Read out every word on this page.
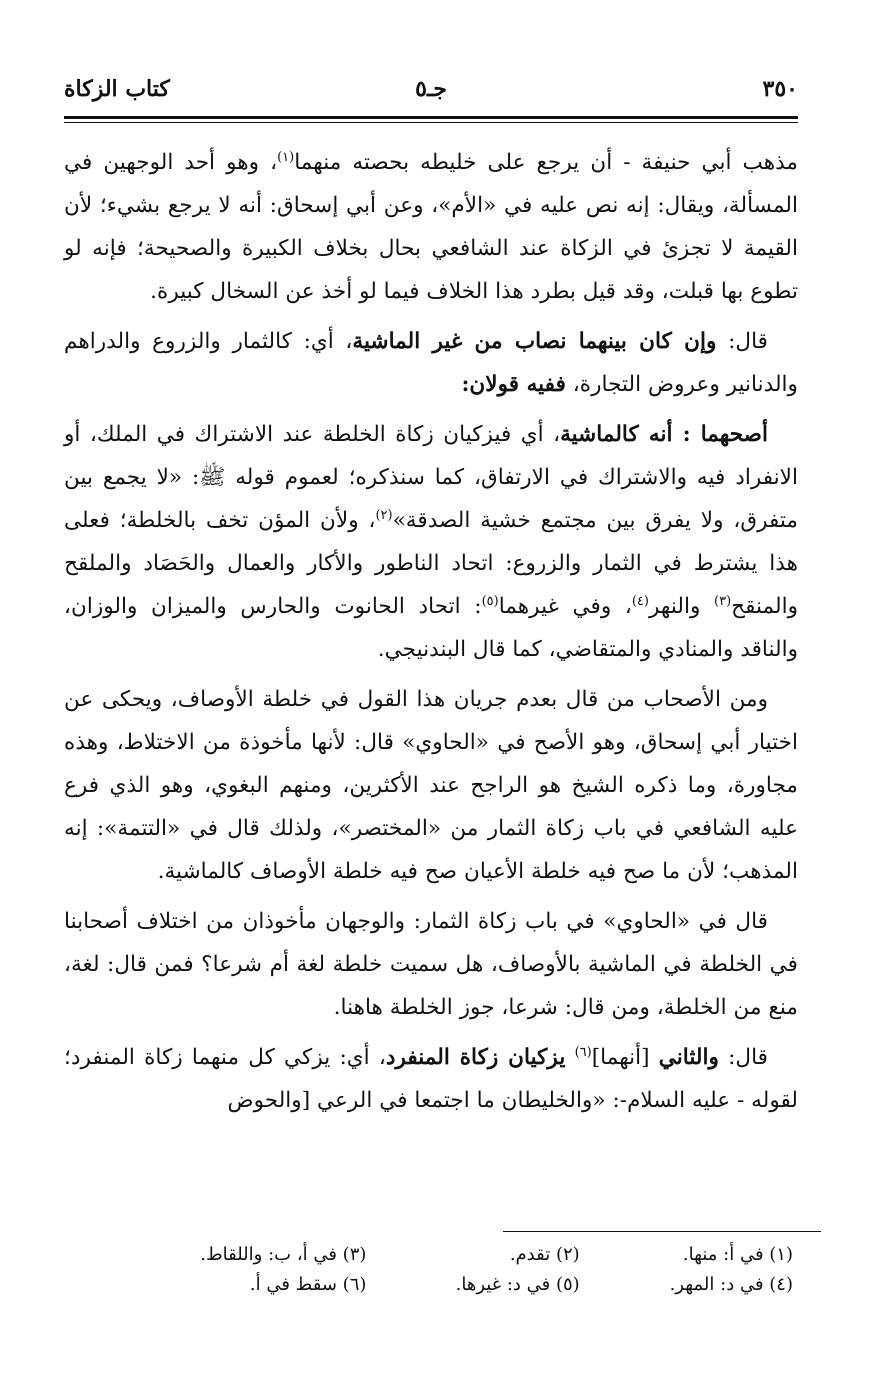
٣٥٠
جـ٥
كتاب الزكاة

مذهب أبي حنيفة - أن يرجع على خليطه بحصته منهما$^{(١)}$، وهو أحد الوجهين في المسألة، ويقال: إنه نص عليه في «الأم»، وعن أبي إسحاق: أنه لا يرجع بشيء؛ لأن القيمة لا تجزئ في الزكاة عند الشافعي بحال بخلاف الكبيرة والصحيحة؛ فإنه لو تطوع بها قبلت، وقد قيل بطرد هذا الخلاف فيما لو أخذ عن السخال كبيرة.

قال: وإن كان بينهما نصاب من غير الماشية، أي: كالثمار والزروع والدراهم والدنانير وعروض التجارة، ففيه قولان:

أصحهما : أنه كالماشية، أي فيزكيان زكاة الخلطة عند الاشتراك في الملك، أو الانفراد فيه والاشتراك في الارتفاق، كما سنذكره؛ لعموم قوله ﷺ: «لا يجمع بين متفرق، ولا يفرق بين مجتمع خشية الصدقة»$^{(٢)}$، ولأن المؤن تخف بالخلطة؛ فعلى هذا يشترط في الثمار والزروع: اتحاد الناطور والأكار والعمال والحَصَاد والملقح والمنقح$^{(٣)}$ والنهر$^{(٤)}$، وفي غيرهما$^{(٥)}$: اتحاد الحانوت والحارس والميزان والوزان، والناقد والمنادي والمتقاضي، كما قال البندنيجي.

ومن الأصحاب من قال بعدم جريان هذا القول في خلطة الأوصاف، ويحكى عن اختيار أبي إسحاق، وهو الأصح في «الحاوي» قال: لأنها مأخوذة من الاختلاط، وهذه مجاورة، وما ذكره الشيخ هو الراجح عند الأكثرين، ومنهم البغوي، وهو الذي فرع عليه الشافعي في باب زكاة الثمار من «المختصر»، ولذلك قال في «التتمة»: إنه المذهب؛ لأن ما صح فيه خلطة الأعيان صح فيه خلطة الأوصاف كالماشية.

قال في «الحاوي» في باب زكاة الثمار: والوجهان مأخوذان من اختلاف أصحابنا في الخلطة في الماشية بالأوصاف، هل سميت خلطة لغة أم شرعا؟ فمن قال: لغة، منع من الخلطة، ومن قال: شرعا، جوز الخلطة هاهنا.

قال: والثاني [أنهما]$^{(٦)}$ يزكيان زكاة المنفرد، أي: يزكي كل منهما زكاة المنفرد؛ لقوله - عليه السلام-: «والخليطان ما اجتمعا في الرعي [والحوض

(١) في أ: منها.
(٢) تقدم.
(٣) في أ، ب: واللقاط.
(٤) في د: المهر.
(٥) في د: غيرها.
(٦) سقط في أ.
